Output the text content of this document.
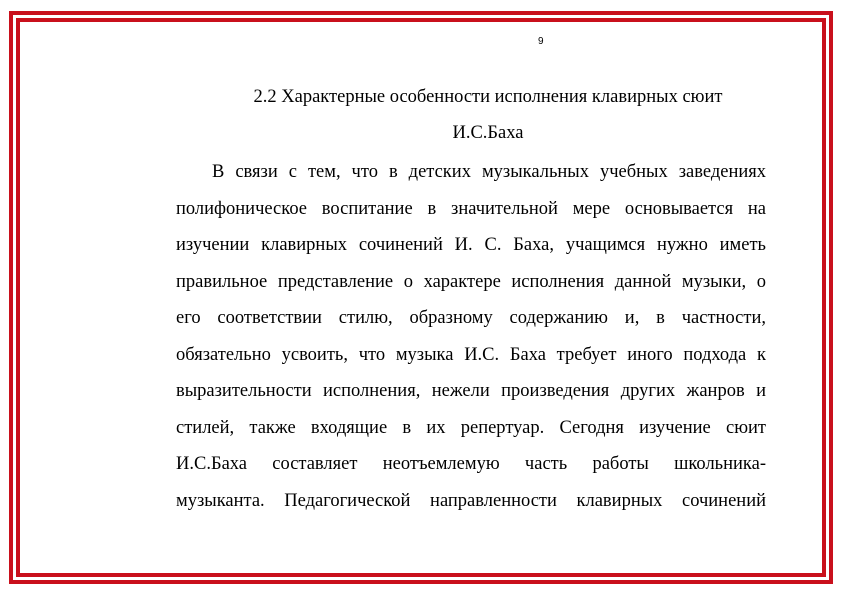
9
2.2 Характерные особенности исполнения клавирных сюит
И.С.Баха
В связи с тем, что в детских музыкальных учебных заведениях
полифоническое воспитание в значительной мере основывается на
изучении клавирных сочинений И. С. Баха, учащимся нужно иметь
правильное представление о характере исполнения данной музыки, о
его соответствии стилю, образному содержанию и, в частности,
обязательно усвоить, что музыка И.С. Баха требует иного подхода к
выразительности исполнения, нежели произведения других жанров и
стилей, также входящие в их репертуар. Сегодня изучение сюит
И.С.Баха составляет неотъемлемую часть работы школьника-
музыканта. Педагогической направленности клавирных сочинений
